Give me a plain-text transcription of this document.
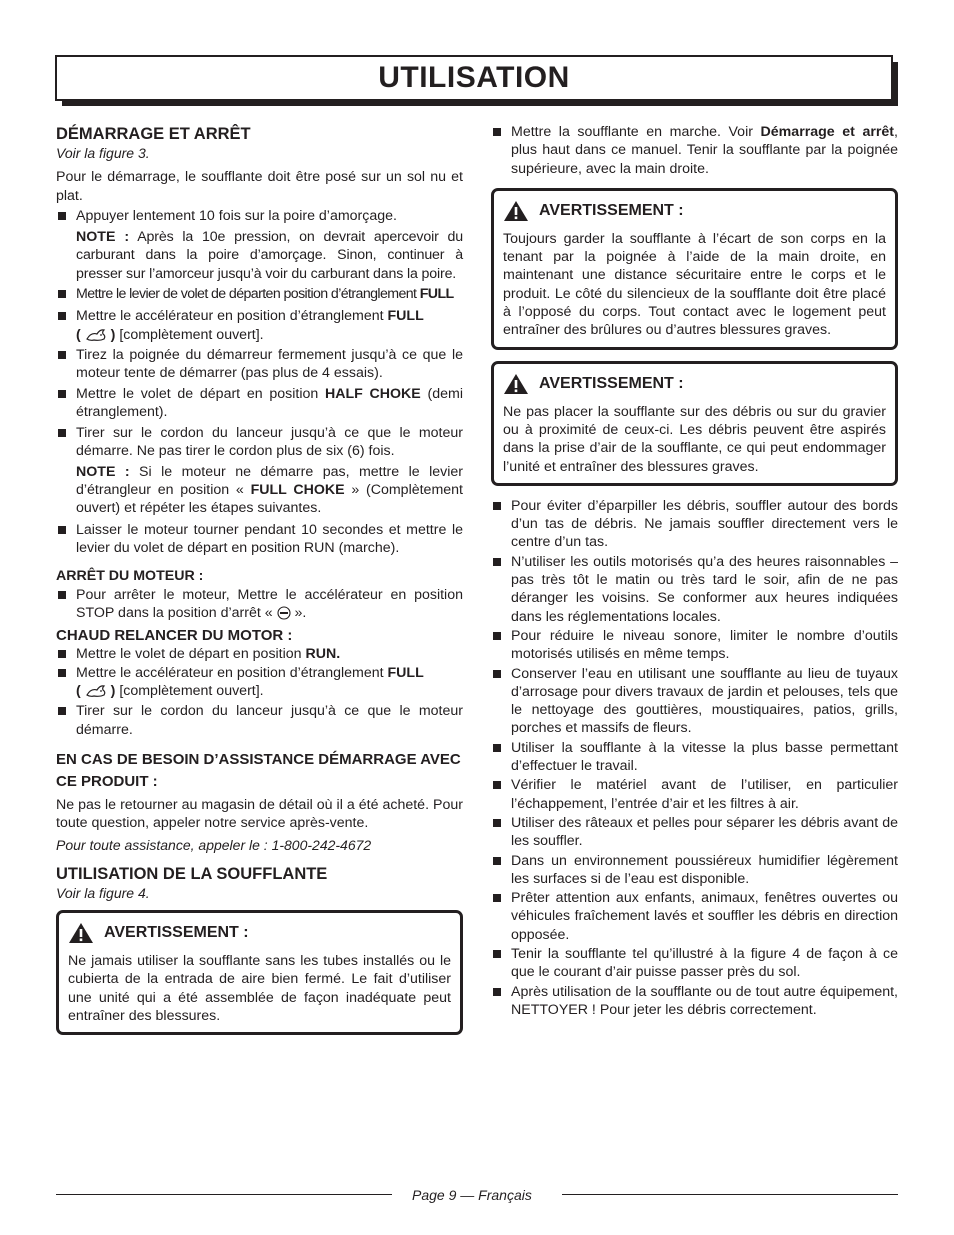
UTILISATION

DÉMARRAGE ET ARRÊT

Voir la figure 3.

Pour le démarrage, le soufflante doit être posé sur un sol nu et plat.

Appuyer lentement 10 fois sur la poire d’amorçage.

NOTE : Après la 10e pression, on devrait apercevoir du carburant dans la poire d’amorçage. Sinon, continuer à presser sur l’amorceur jusqu’à voir du carburant dans la poire.

Mettre le levier de volet de départen position d’étranglement FULL

Mettre le accélérateur en position d’étranglement FULL
( ) [complètement ouvert].

Tirez la poignée du démarreur fermement jusqu’à ce que le moteur tente de démarrer (pas plus de 4 essais).

Mettre le volet de départ en position HALF CHOKE (demi étranglement).

Tirer sur le cordon du lanceur jusqu’à ce que le moteur démarre. Ne pas tirer le cordon plus de six (6) fois.

NOTE : Si le moteur ne démarre pas, mettre le levier d’étrangleur en position « FULL CHOKE » (Complètement ouvert) et répéter les étapes suivantes.

Laisser le moteur tourner pendant 10 secondes et mettre le levier du volet de départ en position RUN (marche).

ARRÊT DU MOTEUR :

Pour arrêter le moteur, Mettre le accélérateur en position STOP dans la position d’arrêt «  ».

CHAUD RELANCER DU MOTOR :

Mettre le volet de départ en position RUN.

Mettre le accélérateur en position d’étranglement FULL
( ) [complètement ouvert].

Tirer sur le cordon du lanceur jusqu’à ce que le moteur démarre.

EN CAS DE BESOIN D’ASSISTANCE DÉMARRAGE AVEC CE PRODUIT :

Ne pas le retourner au magasin de détail où il a été acheté. Pour toute question, appeler notre service après-vente.

Pour toute assistance, appeler le : 1-800-242-4672

UTILISATION DE LA SOUFFLANTE

Voir la figure 4.

AVERTISSEMENT :

Ne jamais utiliser la soufflante sans les tubes installés ou le cubierta de la entrada de aire bien fermé. Le fait d’utiliser une unité qui a été assemblée de façon inadéquate peut entraîner des blessures.

Mettre la soufflante en marche. Voir Démarrage et arrêt, plus haut dans ce manuel. Tenir la soufflante par la poignée supérieure, avec la main droite.

AVERTISSEMENT :

Toujours garder la soufflante à l’écart de son corps en la tenant par la poignée à l’aide de la main droite, en maintenant une distance sécuritaire entre le corps et le produit. Le côté du silencieux de la soufflante doit être placé à l’opposé du corps. Tout contact avec le logement peut entraîner des brûlures ou d’autres blessures graves.

AVERTISSEMENT :

Ne pas placer la soufflante sur des débris ou sur du gravier ou à proximité de ceux-ci. Les débris peuvent être aspirés dans la prise d’air de la soufflante, ce qui peut endommager l’unité et entraîner des blessures graves.

Pour éviter d’éparpiller les débris, souffler autour des bords d’un tas de débris. Ne jamais souffler directement vers le centre d’un tas.

N’utiliser les outils motorisés qu’a des heures raisonnables – pas très tôt le matin ou très tard le soir, afin de ne pas déranger les voisins. Se conformer aux heures indiquées dans les réglementations locales.

Pour réduire le niveau sonore, limiter le nombre d’outils motorisés utilisés en même temps.

Conserver l’eau en utilisant une soufflante au lieu de tuyaux d’arrosage pour divers travaux de jardin et pelouses, tels que le nettoyage des gouttières, moustiquaires, patios, grills, porches et massifs de fleurs.

Utiliser la soufflante à la vitesse la plus basse permettant d’effectuer le travail.

Vérifier le matériel avant de l’utiliser, en particulier l’échappement, l’entrée d’air et les filtres à air.

Utiliser des râteaux et pelles pour séparer les débris avant de les souffler.

Dans un environnement poussiéreux humidifier légèrement les surfaces si de l’eau est disponible.

Prêter attention aux enfants, animaux, fenêtres ouvertes ou véhicules fraîchement lavés et souffler les débris en direction opposée.

Tenir la soufflante tel qu’illustré à la figure 4 de façon à ce que le courant d’air puisse passer près du sol.

Après utilisation de la soufflante ou de tout autre équipement, NETTOYER ! Pour jeter les débris correctement.

Page 9 — Français
